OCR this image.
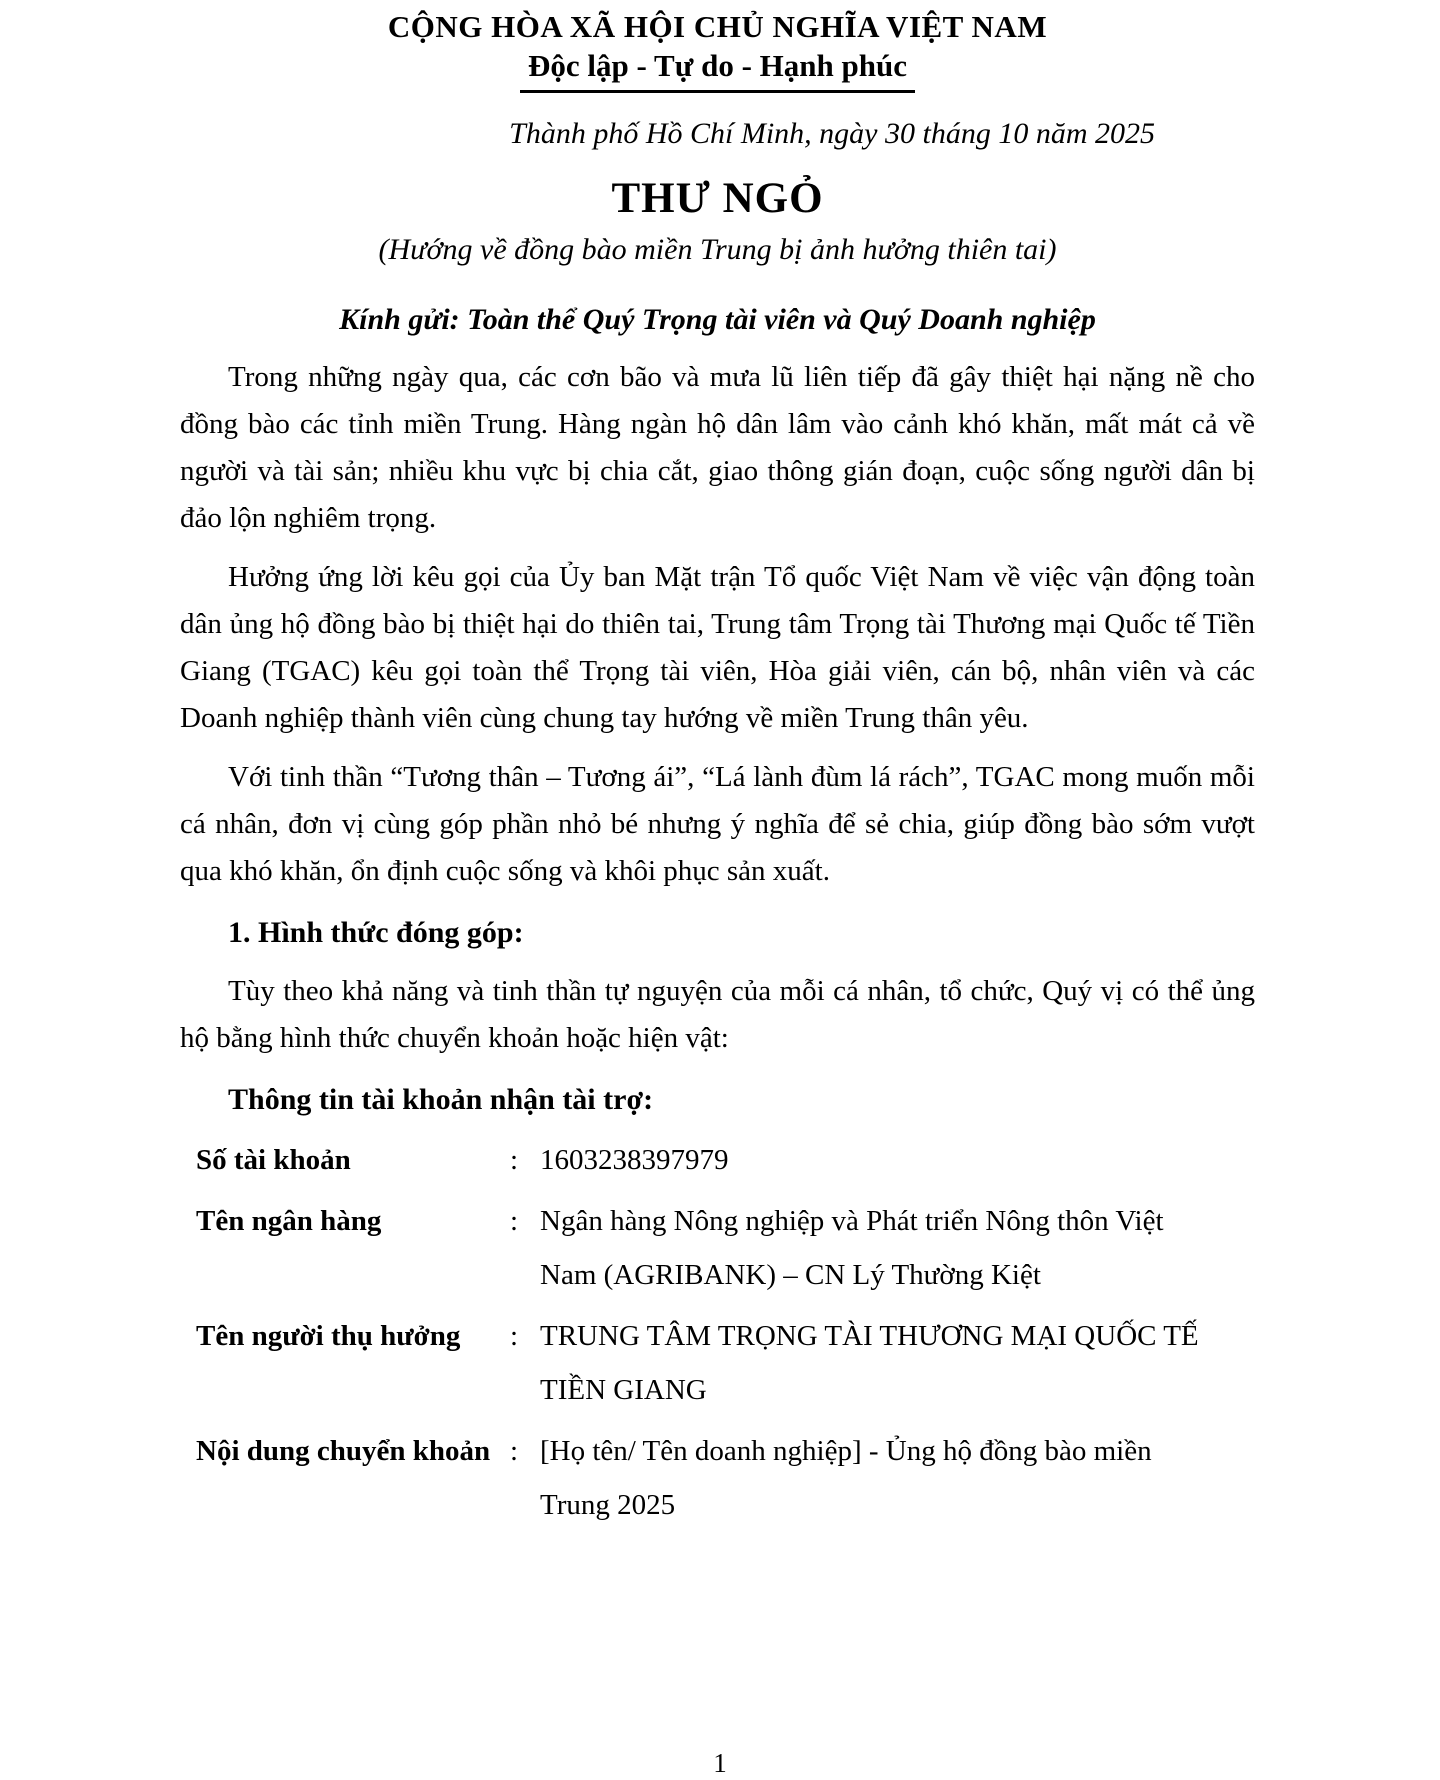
CỘNG HÒA XÃ HỘI CHỦ NGHĨA VIỆT NAM
Độc lập - Tự do - Hạnh phúc
Thành phố Hồ Chí Minh, ngày 30 tháng 10 năm 2025
THƯ NGỎ
(Hướng về đồng bào miền Trung bị ảnh hưởng thiên tai)
Kính gửi: Toàn thể Quý Trọng tài viên và Quý Doanh nghiệp

Trong những ngày qua, các cơn bão và mưa lũ liên tiếp đã gây thiệt hại nặng nề cho đồng bào các tỉnh miền Trung. Hàng ngàn hộ dân lâm vào cảnh khó khăn, mất mát cả về người và tài sản; nhiều khu vực bị chia cắt, giao thông gián đoạn, cuộc sống người dân bị đảo lộn nghiêm trọng.

Hưởng ứng lời kêu gọi của Ủy ban Mặt trận Tổ quốc Việt Nam về việc vận động toàn dân ủng hộ đồng bào bị thiệt hại do thiên tai, Trung tâm Trọng tài Thương mại Quốc tế Tiền Giang (TGAC) kêu gọi toàn thể Trọng tài viên, Hòa giải viên, cán bộ, nhân viên và các Doanh nghiệp thành viên cùng chung tay hướng về miền Trung thân yêu.

Với tinh thần “Tương thân – Tương ái”, “Lá lành đùm lá rách”, TGAC mong muốn mỗi cá nhân, đơn vị cùng góp phần nhỏ bé nhưng ý nghĩa để sẻ chia, giúp đồng bào sớm vượt qua khó khăn, ổn định cuộc sống và khôi phục sản xuất.

1. Hình thức đóng góp:

Tùy theo khả năng và tinh thần tự nguyện của mỗi cá nhân, tổ chức, Quý vị có thể ủng hộ bằng hình thức chuyển khoản hoặc hiện vật:

Thông tin tài khoản nhận tài trợ:
Số tài khoản	: 1603238397979
Tên ngân hàng	: Ngân hàng Nông nghiệp và Phát triển Nông thôn Việt Nam (AGRIBANK) – CN Lý Thường Kiệt
Tên người thụ hưởng	: TRUNG TÂM TRỌNG TÀI THƯƠNG MẠI QUỐC TẾ TIỀN GIANG
Nội dung chuyển khoản : [Họ tên/ Tên doanh nghiệp] - Ủng hộ đồng bào miền Trung 2025
1
